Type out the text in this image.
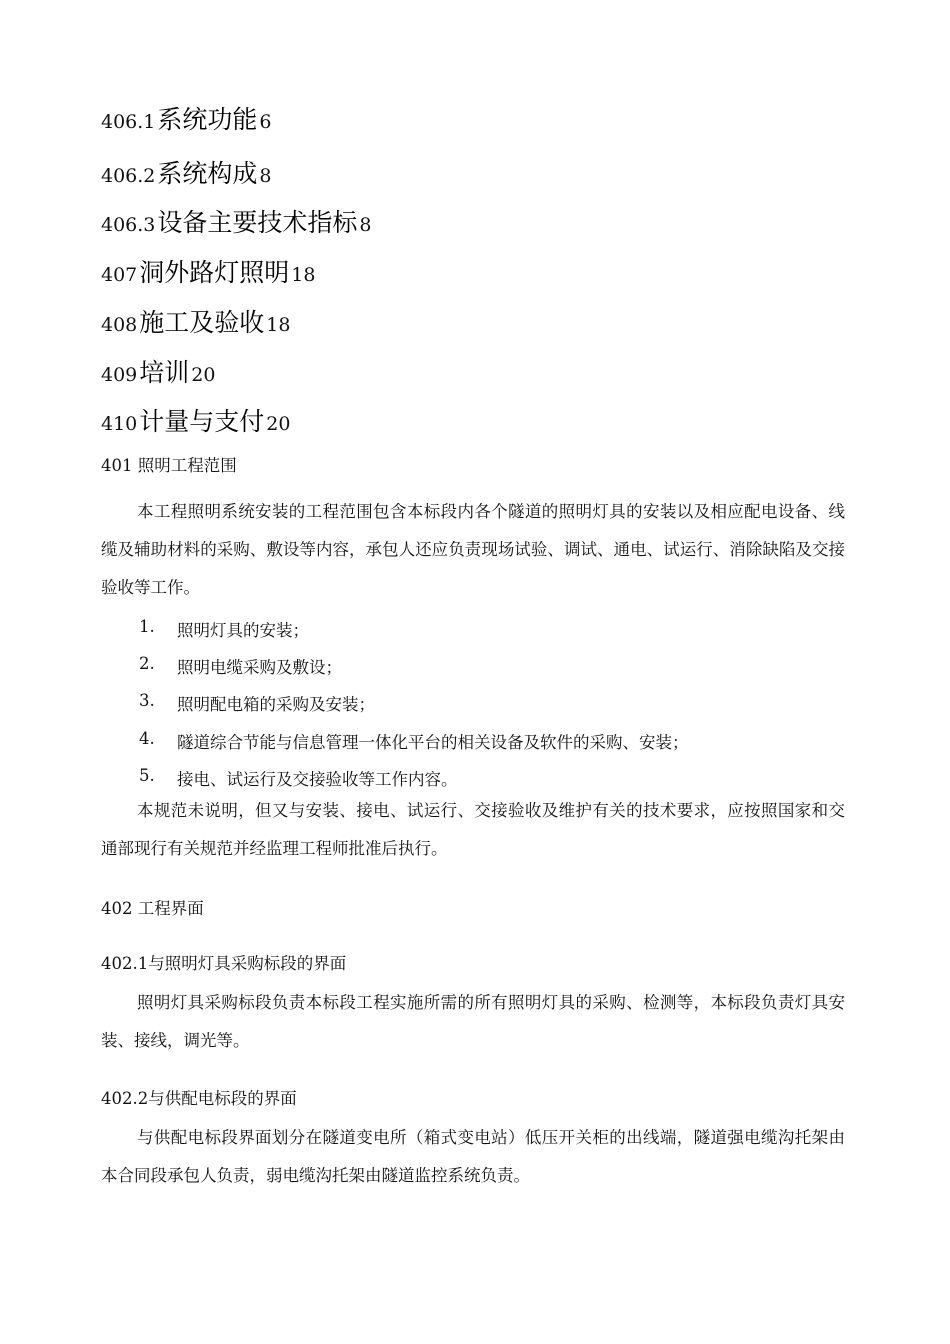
406.1 系统功能 6
406.2 系统构成 8
406.3 设备主要技术指标 8
407 洞外路灯照明 18
408 施工及验收 18
409 培训 20
410 计量与支付 20
401 照明工程范围

本工程照明系统安装的工程范围包含本标段内各个隧道的照明灯具的安装以及相应配电设备、线缆及辅助材料的采购、敷设等内容，承包人还应负责现场试验、调试、通电、试运行、消除缺陷及交接验收等工作。

1.	照明灯具的安装；
2.	照明电缆采购及敷设；
3.	照明配电箱的采购及安装；
4.	隧道综合节能与信息管理一体化平台的相关设备及软件的采购、安装；
5.	接电、试运行及交接验收等工作内容。

本规范未说明，但又与安装、接电、试运行、交接验收及维护有关的技术要求，应按照国家和交通部现行有关规范并经监理工程师批准后执行。

402 工程界面
402.1与照明灯具采购标段的界面

照明灯具采购标段负责本标段工程实施所需的所有照明灯具的采购、检测等，本标段负责灯具安装、接线，调光等。

402.2与供配电标段的界面

与供配电标段界面划分在隧道变电所（箱式变电站）低压开关柜的出线端，隧道强电缆沟托架由本合同段承包人负责，弱电缆沟托架由隧道监控系统负责。
